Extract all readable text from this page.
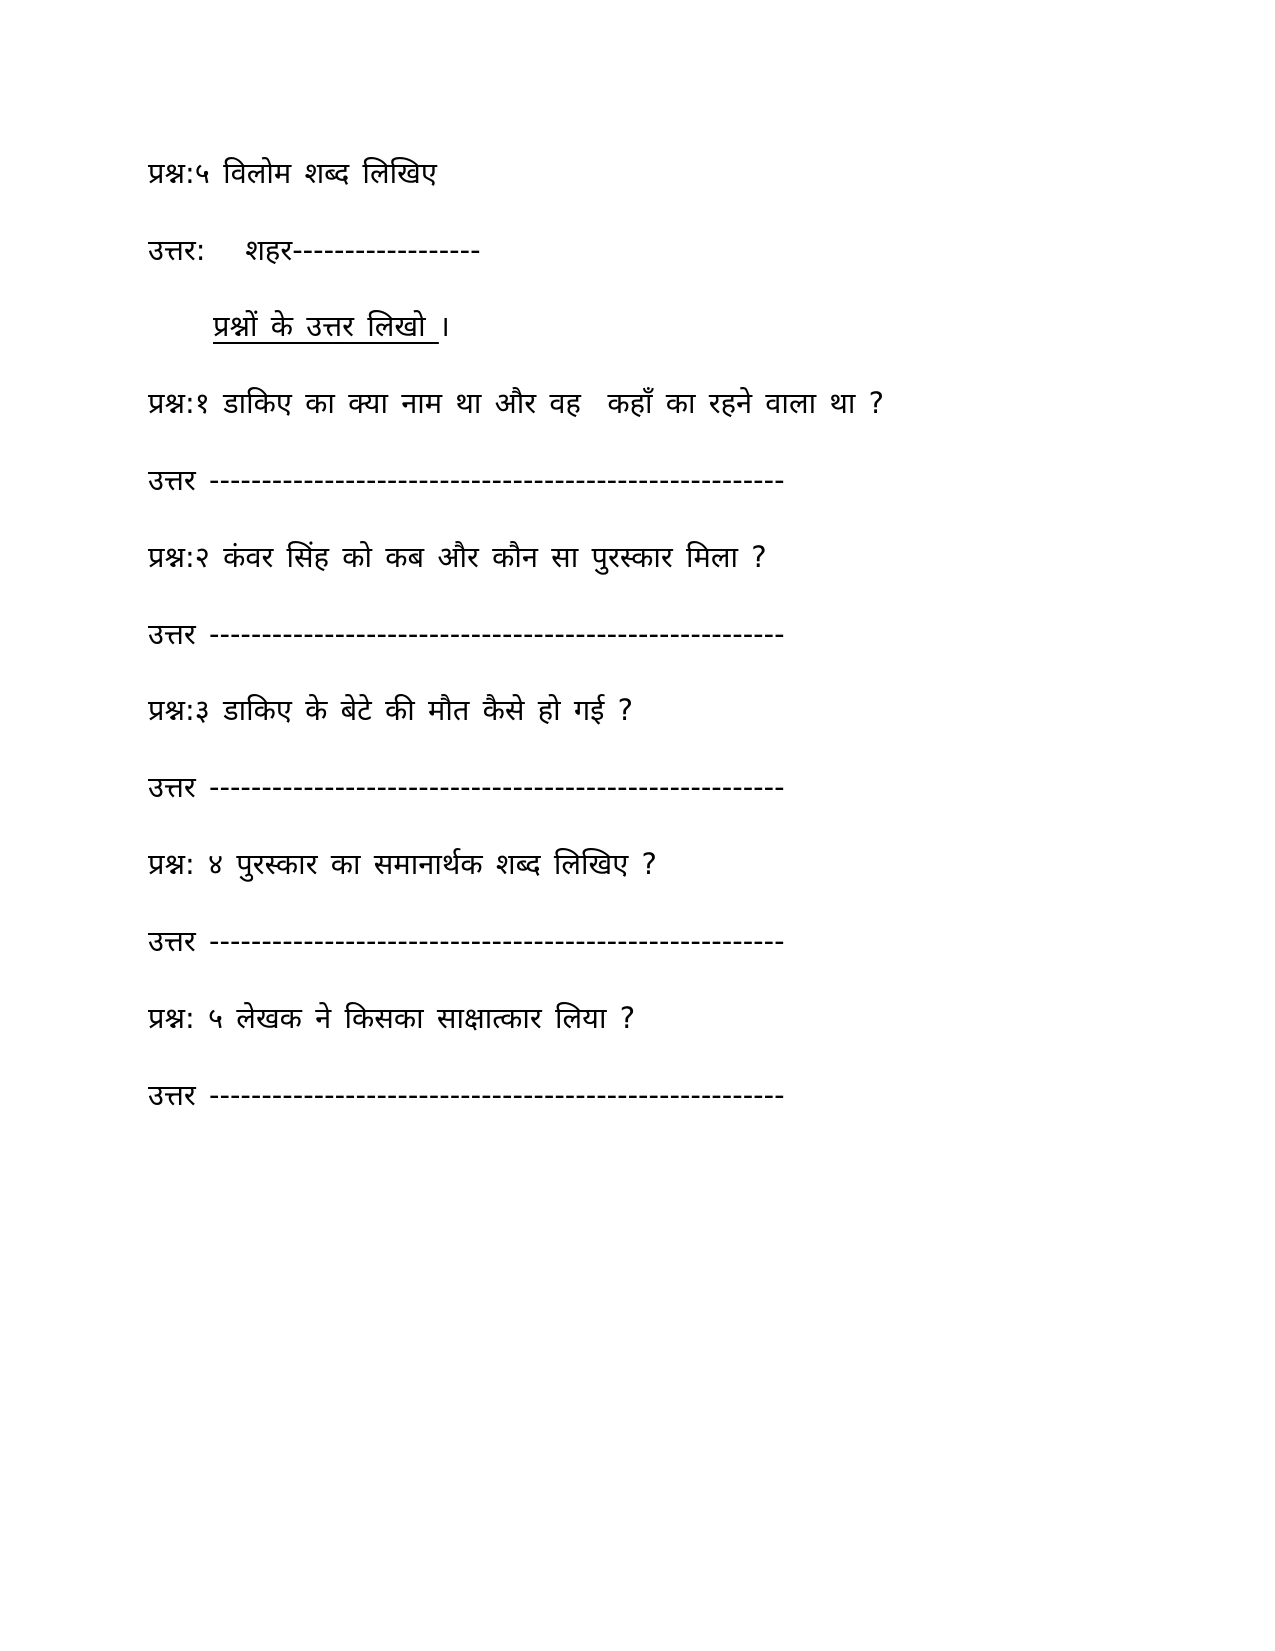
प्रश्न:५ विलोम शब्द लिखिए
उत्तर:   शहर------------------
प्रश्नों के उत्तर लिखो ।
प्रश्न:१ डाकिए का क्या नाम था और वह  कहाँ का रहने वाला था ?
उत्तर -------------------------------------------------------
प्रश्न:२ कंवर सिंह को कब और कौन सा पुरस्कार मिला ?
उत्तर -------------------------------------------------------
प्रश्न:३ डाकिए के बेटे की मौत कैसे हो गई ?
उत्तर -------------------------------------------------------
प्रश्न: ४ पुरस्कार का समानार्थक शब्द लिखिए ?
उत्तर -------------------------------------------------------
प्रश्न: ५ लेखक ने किसका साक्षात्कार लिया ?
उत्तर -------------------------------------------------------
